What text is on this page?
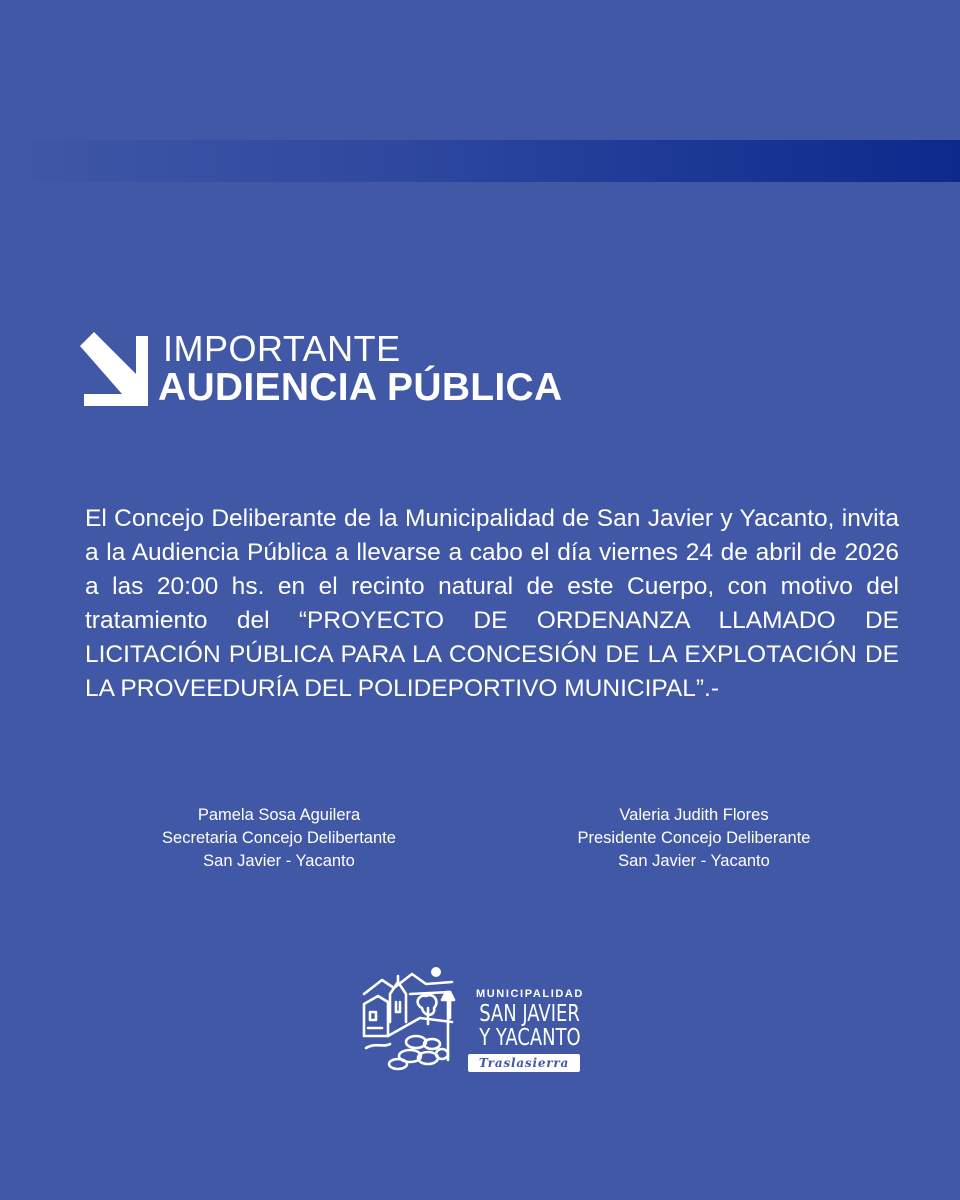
IMPORTANTE
AUDIENCIA PÚBLICA

El Concejo Deliberante de la Municipalidad de San Javier y Yacanto, invita a la Audiencia Pública a llevarse a cabo el día viernes 24 de abril de 2026 a las 20:00 hs. en el recinto natural de este Cuerpo, con motivo del tratamiento del “PROYECTO DE ORDENANZA LLAMADO DE LICITACIÓN PÚBLICA PARA LA CONCESIÓN DE LA EXPLOTACIÓN DE LA PROVEEDURÍA DEL POLIDEPORTIVO MUNICIPAL”.-

Pamela Sosa Aguilera
Secretaria Concejo Delibertante
San Javier - Yacanto
Valeria Judith Flores
Presidente Concejo Deliberante
San Javier - Yacanto
MUNICIPALIDAD
SAN JAVIER
Y YACANTO
Traslasierra
